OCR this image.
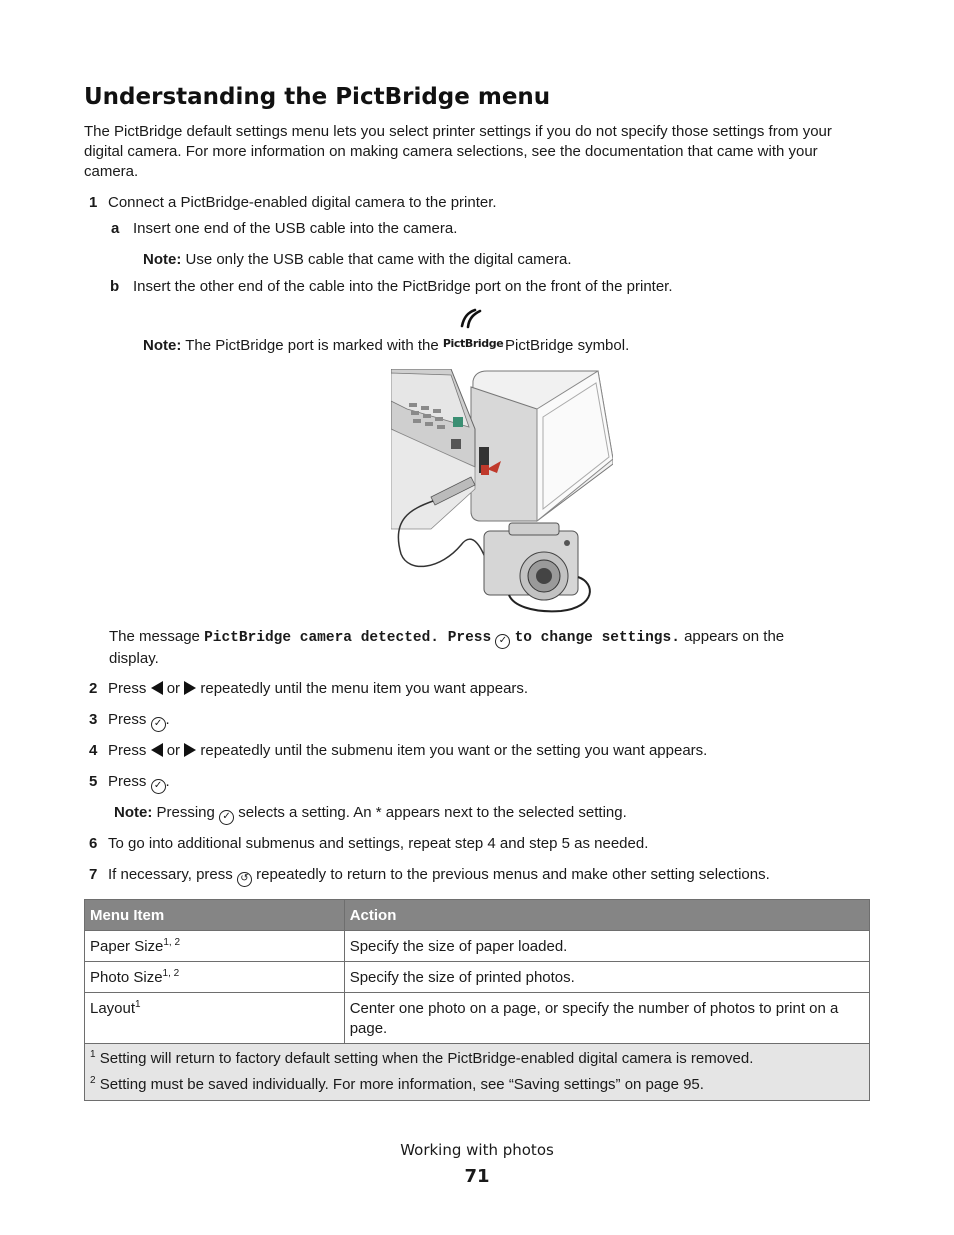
Understanding the PictBridge menu
The PictBridge default settings menu lets you select printer settings if you do not specify those settings from your digital camera. For more information on making camera selections, see the documentation that came with your camera.
1 Connect a PictBridge-enabled digital camera to the printer.
a Insert one end of the USB cable into the camera.
Note: Use only the USB cable that came with the digital camera.
b Insert the other end of the cable into the PictBridge port on the front of the printer.
Note: The PictBridge port is marked with the PictBridge PictBridge symbol.
The message PictBridge camera detected. Press ✓ to change settings. appears on the
display.
2 Press or repeatedly until the menu item you want appears.
3 Press ✓ .
4 Press or repeatedly until the submenu item you want or the setting you want appears.
5 Press ✓ .
Note: Pressing ✓ selects a setting. An * appears next to the selected setting.
6 To go into additional submenus and settings, repeat step 4 and step 5 as needed.
7 If necessary, press ↺ repeatedly to return to the previous menus and make other setting selections.
Menu Item	Action
Paper Size$^{1, 2}$	Specify the size of paper loaded.
Photo Size$^{1, 2}$	Specify the size of printed photos.
Layout$^1$	Center one photo on a page, or specify the number of photos to print on a page.

$^1$ Setting will return to factory default setting when the PictBridge-enabled digital camera is removed.
$^2$ Setting must be saved individually. For more information, see “Saving settings” on page 95.	
Working with photos
71
